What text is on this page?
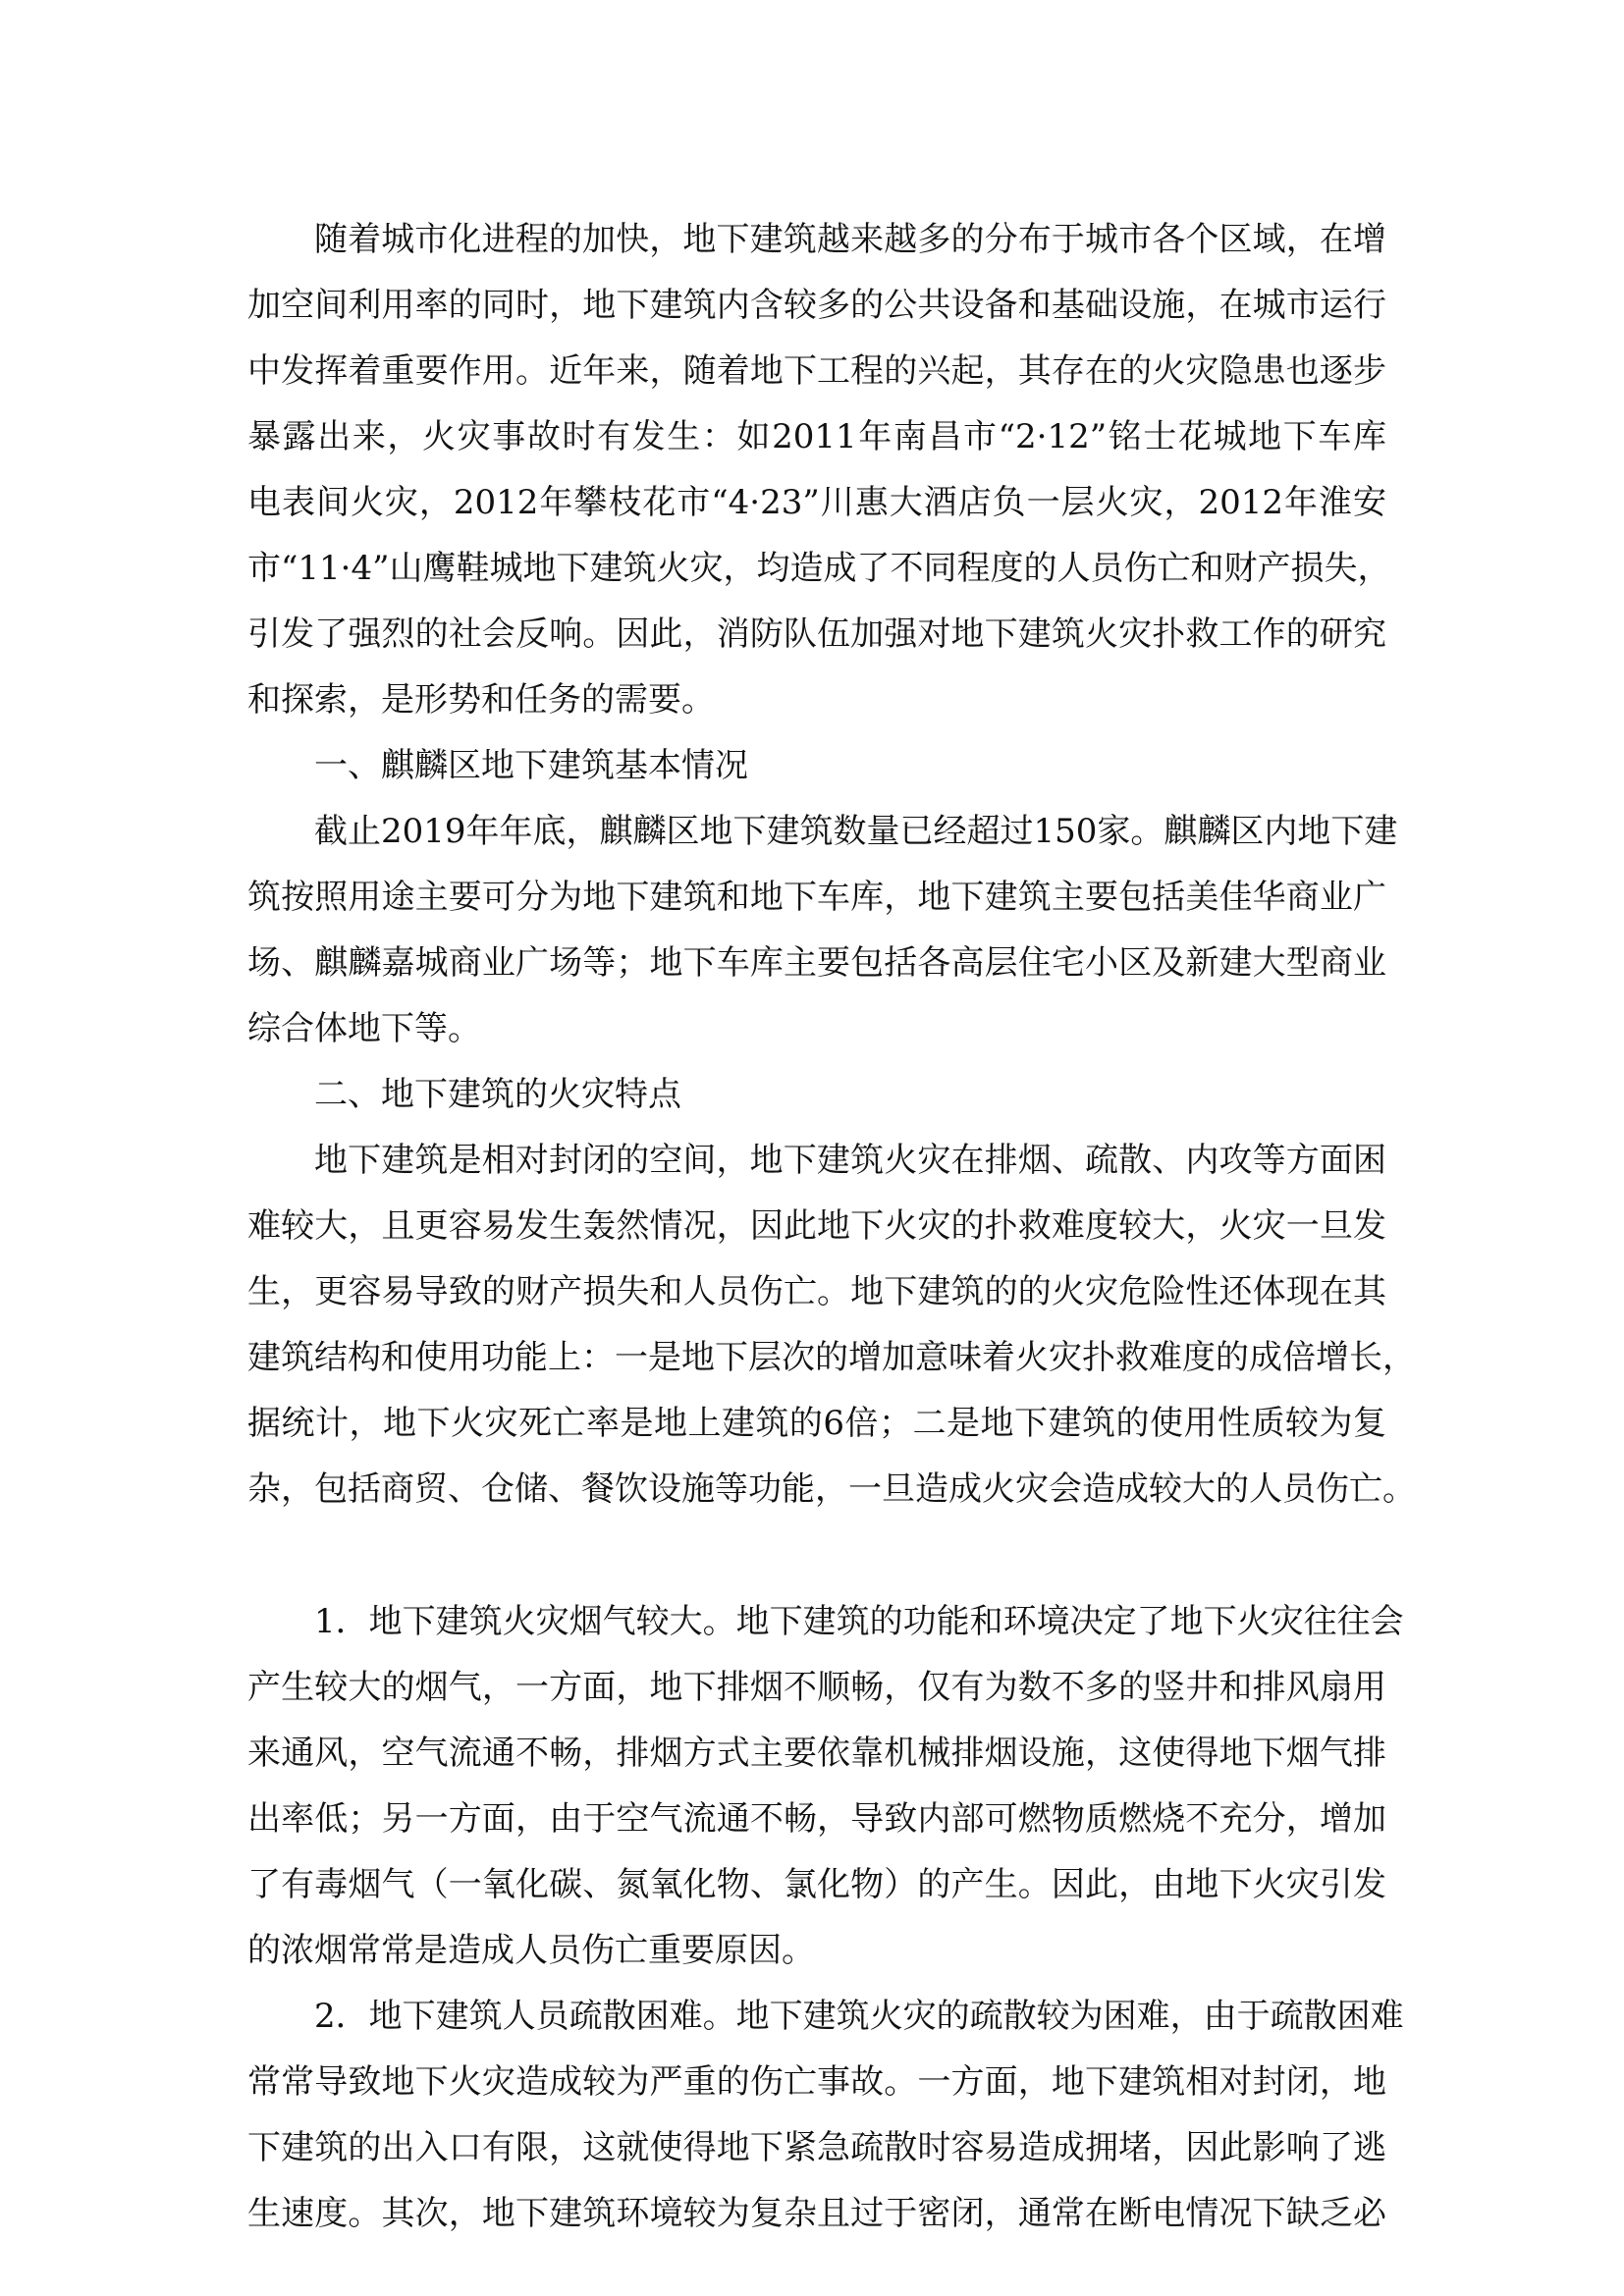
随着城市化进程的加快，地下建筑越来越多的分布于城市各个区域，在增

加空间利用率的同时，地下建筑内含较多的公共设备和基础设施，在城市运行

中发挥着重要作用。近年来，随着地下工程的兴起，其存在的火灾隐患也逐步

暴露出来，火灾事故时有发生：如2011年南昌市“2·12”铭士花城地下车库

电表间火灾，2012年攀枝花市“4·23”川惠大酒店负一层火灾，2012年淮安

市“11·4”山鹰鞋城地下建筑火灾，均造成了不同程度的人员伤亡和财产损失，

引发了强烈的社会反响。因此，消防队伍加强对地下建筑火灾扑救工作的研究

和探索，是形势和任务的需要。

一、麒麟区地下建筑基本情况

截止2019年年底，麒麟区地下建筑数量已经超过150家。麒麟区内地下建

筑按照用途主要可分为地下建筑和地下车库，地下建筑主要包括美佳华商业广

场、麒麟嘉城商业广场等；地下车库主要包括各高层住宅小区及新建大型商业

综合体地下等。

二、地下建筑的火灾特点

地下建筑是相对封闭的空间，地下建筑火灾在排烟、疏散、内攻等方面困

难较大，且更容易发生轰然情况，因此地下火灾的扑救难度较大，火灾一旦发

生，更容易导致的财产损失和人员伤亡。地下建筑的的火灾危险性还体现在其

建筑结构和使用功能上：一是地下层次的增加意味着火灾扑救难度的成倍增长，

据统计，地下火灾死亡率是地上建筑的6倍；二是地下建筑的使用性质较为复

杂，包括商贸、仓储、餐饮设施等功能，一旦造成火灾会造成较大的人员伤亡。

1．地下建筑火灾烟气较大。地下建筑的功能和环境决定了地下火灾往往会

产生较大的烟气，一方面，地下排烟不顺畅，仅有为数不多的竖井和排风扇用

来通风，空气流通不畅，排烟方式主要依靠机械排烟设施，这使得地下烟气排

出率低；另一方面，由于空气流通不畅，导致内部可燃物质燃烧不充分，增加

了有毒烟气（一氧化碳、氮氧化物、氯化物）的产生。因此，由地下火灾引发

的浓烟常常是造成人员伤亡重要原因。

2．地下建筑人员疏散困难。地下建筑火灾的疏散较为困难，由于疏散困难

常常导致地下火灾造成较为严重的伤亡事故。一方面，地下建筑相对封闭，地

下建筑的出入口有限，这就使得地下紧急疏散时容易造成拥堵，因此影响了逃

生速度。其次，地下建筑环境较为复杂且过于密闭，通常在断电情况下缺乏必
